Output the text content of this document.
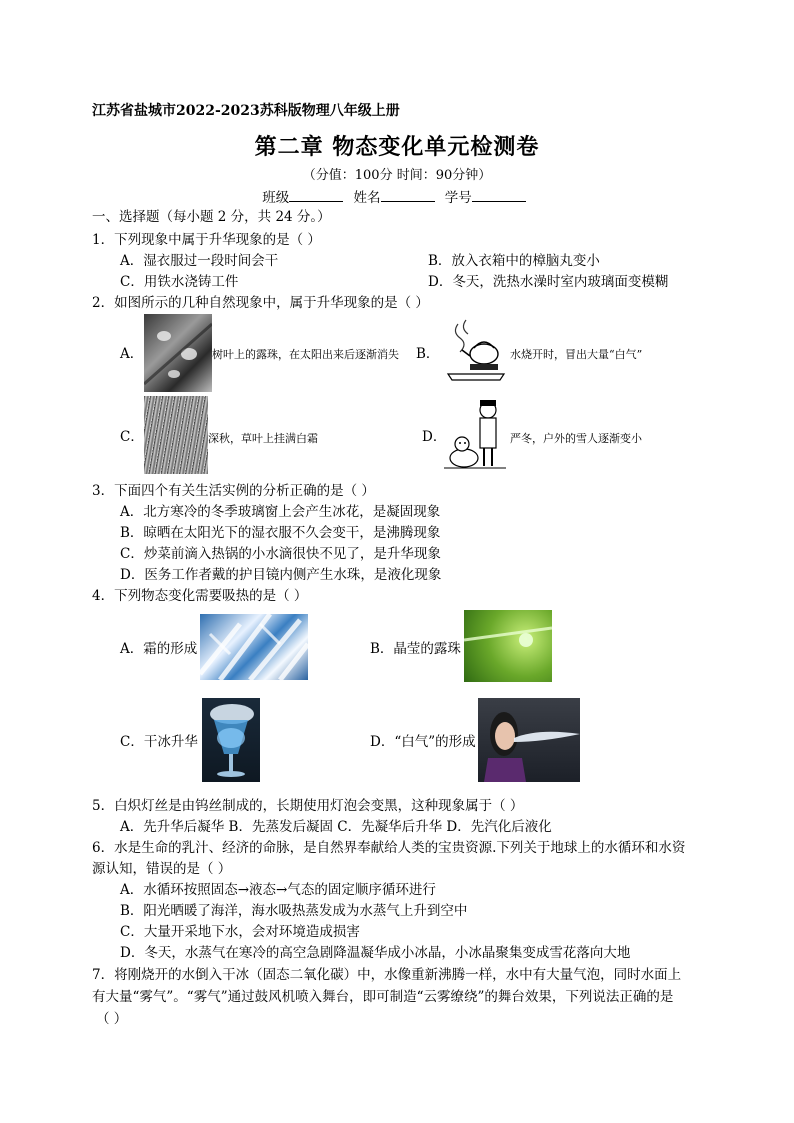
江苏省盐城市2022-2023苏科版物理八年级上册
第二章 物态变化单元检测卷
（分值：100分 时间：90分钟）
班级	姓名	学号
一、选择题（每小题 2 分，共 24 分。）
1．下列现象中属于升华现象的是（ ）
A．湿衣服过一段时间会干	B．放入衣箱中的樟脑丸变小
C．用铁水浇铸工件	D．冬天，洗热水澡时室内玻璃面变模糊
2．如图所示的几种自然现象中，属于升华现象的是（ ）
A．	树叶上的露珠，在太阳出来后逐渐消失 B．	水烧开时，冒出大量“白气”
C．	深秋，草叶上挂满白霜	D．	严冬，户外的雪人逐渐变小
3．下面四个有关生活实例的分析正确的是（ ）
A．北方寒冷的冬季玻璃窗上会产生冰花，是凝固现象
B．晾晒在太阳光下的湿衣服不久会变干，是沸腾现象
C．炒菜前滴入热锅的小水滴很快不见了，是升华现象
D．医务工作者戴的护目镜内侧产生水珠，是液化现象
4．下列物态变化需要吸热的是（ ）
A．霜的形成	B．晶莹的露珠
C．干冰升华	D．“白气”的形成
5．白炽灯丝是由钨丝制成的，长期使用灯泡会变黑，这种现象属于（ ）
A．先升华后凝华 B．先蒸发后凝固 C．先凝华后升华 D．先汽化后液化
6．水是生命的乳汁、经济的命脉，是自然界奉献给人类的宝贵资源.下列关于地球上的水循环和水资
源认知，错误的是（ ）
A．水循环按照固态→液态→气态的固定顺序循环进行
B．阳光晒暖了海洋，海水吸热蒸发成为水蒸气上升到空中
C．大量开采地下水，会对环境造成损害
D．冬天，水蒸气在寒冷的高空急剧降温凝华成小冰晶，小冰晶聚集变成雪花落向大地
7．将刚烧开的水倒入干冰（固态二氧化碳）中，水像重新沸腾一样，水中有大量气泡，同时水面上
有大量“雾气”。“雾气”通过鼓风机喷入舞台，即可制造“云雾缭绕”的舞台效果，下列说法正确的是
（ ）
